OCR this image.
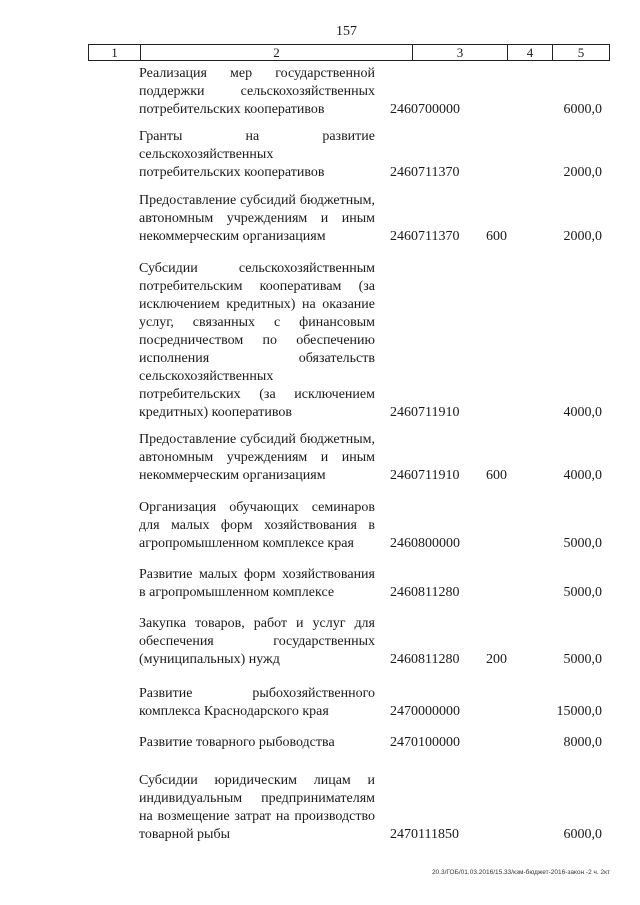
157
1	2	3	4	5
Реализация мер государственной поддержки сельскохозяйственных потребительских кооперативов	2460700000	6000,0
Гранты на развитие сельскохозяйственных потребительских кооперативов	2460711370	2000,0
Предоставление субсидий бюджетным, автономным учреждениям и иным некоммерческим организациям	2460711370 600	2000,0
Субсидии сельскохозяйственным потребительским кооперативам (за исключением кредитных) на оказание услуг, связанных с финансовым посредничеством по обеспечению исполнения обязательств сельскохозяйственных потребительских (за исключением кредитных) кооперативов	2460711910	4000,0
Предоставление субсидий бюджетным, автономным учреждениям и иным некоммерческим организациям	2460711910 600	4000,0
Организация обучающих семинаров для малых форм хозяйствования в агропромышленном комплексе края	2460800000	5000,0
Развитие малых форм хозяйствования в агропромышленном комплексе	2460811280	5000,0
Закупка товаров, работ и услуг для обеспечения государственных (муниципальных) нужд	2460811280 200	5000,0
Развитие рыбохозяйственного комплекса Краснодарского края	2470000000	15000,0
Развитие товарного рыбоводства	2470100000	8000,0
Субсидии юридическим лицам и индивидуальным предпринимателям на возмещение затрат на производство товарной рыбы	2470111850	6000,0
20.3/ГОБ/01.03.2016/15.33/кзм-бюджет-2016-закон -2 ч. 2кт
